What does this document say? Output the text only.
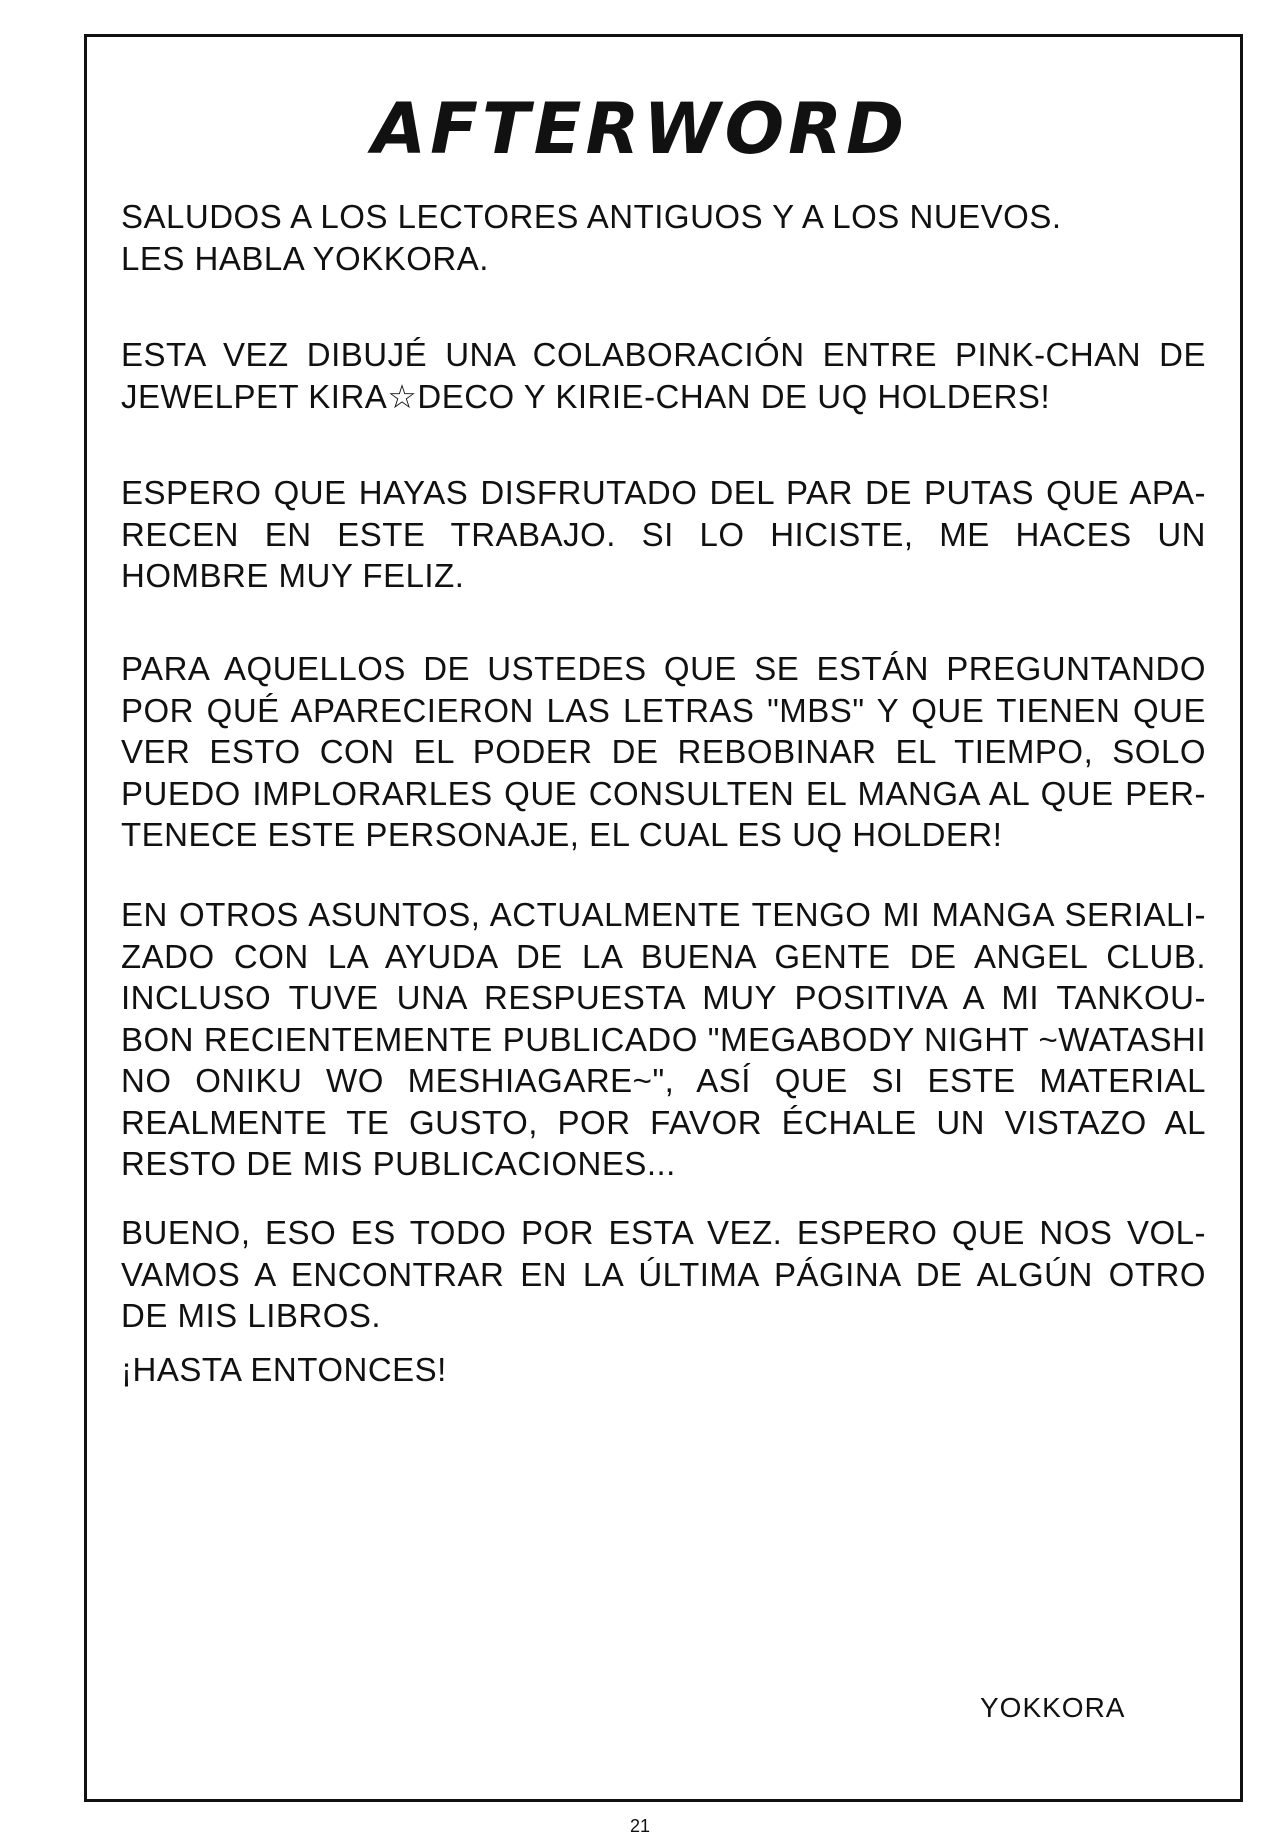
AFTERWORD
SALUDOS A LOS LECTORES ANTIGUOS Y A LOS NUEVOS.
LES HABLA YOKKORA.
ESTA VEZ DIBUJÉ UNA COLABORACIÓN ENTRE PINK-CHAN DE
JEWELPET KIRA☆DECO Y KIRIE-CHAN DE UQ HOLDERS!
ESPERO QUE HAYAS DISFRUTADO DEL PAR DE PUTAS QUE APA-
RECEN EN ESTE TRABAJO. SI LO HICISTE, ME HACES UN
HOMBRE MUY FELIZ.
PARA AQUELLOS DE USTEDES QUE SE ESTÁN PREGUNTANDO
POR QUÉ APARECIERON LAS LETRAS "MBS" Y QUE TIENEN QUE
VER ESTO CON EL PODER DE REBOBINAR EL TIEMPO, SOLO
PUEDO IMPLORARLES QUE CONSULTEN EL MANGA AL QUE PER-
TENECE ESTE PERSONAJE, EL CUAL ES UQ HOLDER!
EN OTROS ASUNTOS, ACTUALMENTE TENGO MI MANGA SERIALI-
ZADO CON LA AYUDA DE LA BUENA GENTE DE ANGEL CLUB.
INCLUSO TUVE UNA RESPUESTA MUY POSITIVA A MI TANKOU-
BON RECIENTEMENTE PUBLICADO "MEGABODY NIGHT ~WATASHI
NO ONIKU WO MESHIAGARE~", ASÍ QUE SI ESTE MATERIAL
REALMENTE TE GUSTO, POR FAVOR ÉCHALE UN VISTAZO AL
RESTO DE MIS PUBLICACIONES...
BUENO, ESO ES TODO POR ESTA VEZ. ESPERO QUE NOS VOL-
VAMOS A ENCONTRAR EN LA ÚLTIMA PÁGINA DE ALGÚN OTRO
DE MIS LIBROS.
¡HASTA ENTONCES!
YOKKORA
21
